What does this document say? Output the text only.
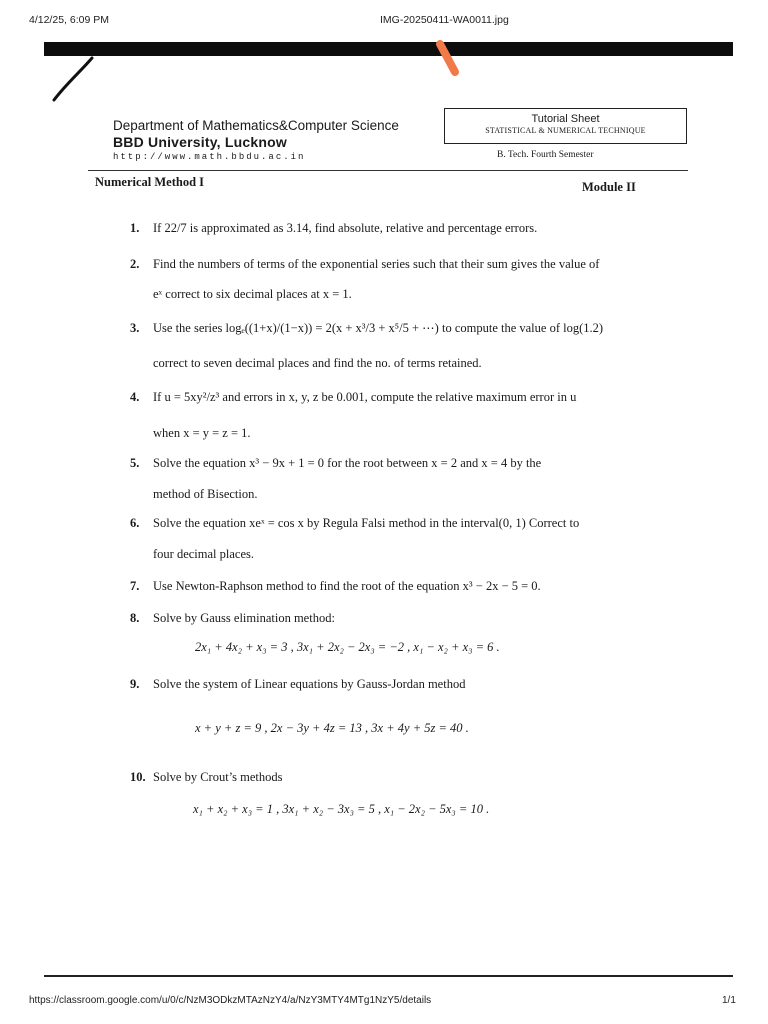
4/12/25, 6:09 PM	IMG-20250411-WA0011.jpg

Department of Mathematics&Computer Science

BBD University, Lucknow

http://www.math.bbdu.ac.in

Tutorial Sheet
STATISTICAL & NUMERICAL TECHNIQUE
B. Tech. Fourth Semester
Numerical Method I	Module II
1. If 22/7 is approximated as 3.14, find absolute, relative and percentage errors.
2. Find the numbers of terms of the exponential series such that their sum gives the value of
eˣ correct to six decimal places at x = 1.
3. Use the series logₑ((1+x)/(1−x)) = 2(x + x³/3 + x⁵/5 + ⋯) to compute the value of log(1.2)
correct to seven decimal places and find the no. of terms retained.
4. If u = 5xy²/z³ and errors in x, y, z be 0.001, compute the relative maximum error in u
when x = y = z = 1.
5. Solve the equation x³ − 9x + 1 = 0 for the root between x = 2 and x = 4 by the
method of Bisection.
6. Solve the equation xeˣ = cos x by Regula Falsi method in the interval(0, 1) Correct to
four decimal places.
7. Use Newton-Raphson method to find the root of the equation x³ − 2x − 5 = 0.
8. Solve by Gauss elimination method:
2x₁ + 4x₂ + x₃ = 3 , 3x₁ + 2x₂ − 2x₃ = −2 , x₁ − x₂ + x₃ = 6 .
9. Solve the system of Linear equations by Gauss-Jordan method
x + y + z = 9 , 2x − 3y + 4z = 13 , 3x + 4y + 5z = 40 .
10. Solve by Crout’s methods
x₁ + x₂ + x₃ = 1 , 3x₁ + x₂ − 3x₃ = 5 , x₁ − 2x₂ − 5x₃ = 10 .
https://classroom.google.com/u/0/c/NzM3ODkzMTAzNzY4/a/NzY3MTY4MTg1NzY5/details	1/1
